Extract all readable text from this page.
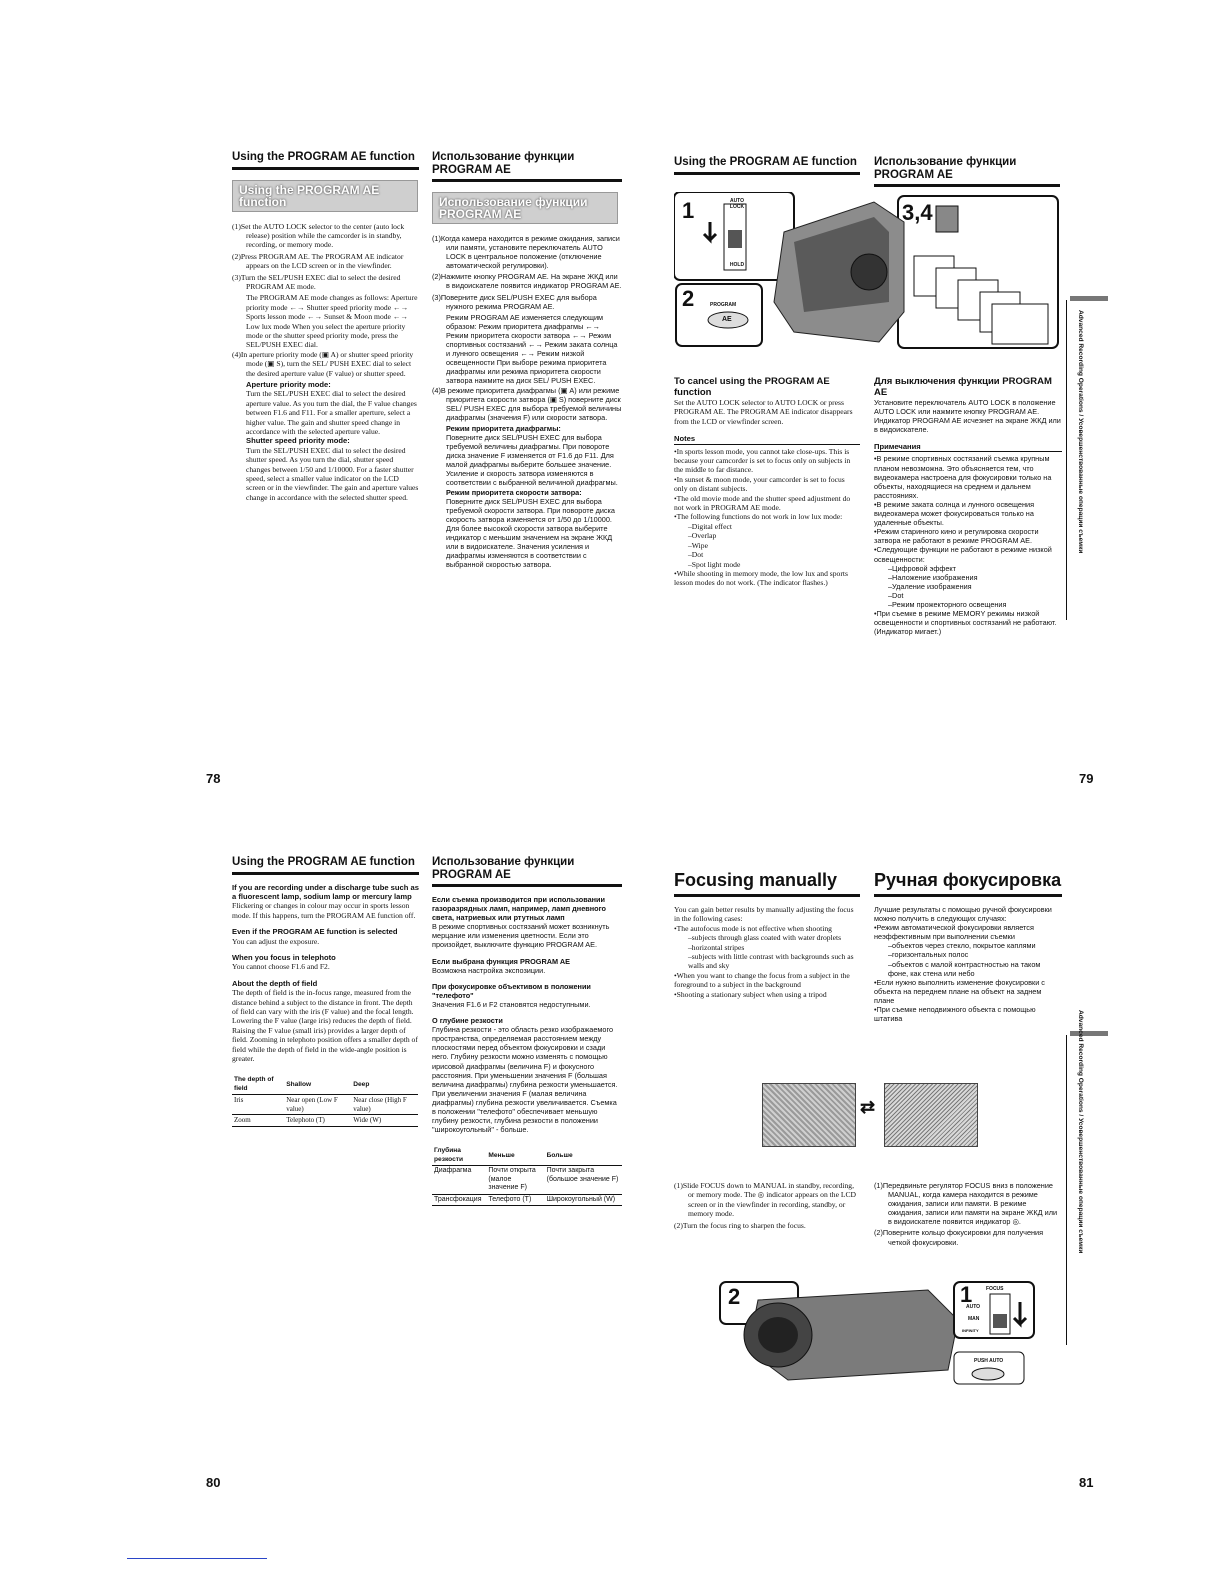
Using the PROGRAM AE function
Using the PROGRAM AE function
(1)Set the AUTO LOCK selector to the center (auto lock release) position while the camcorder is in standby, recording, or memory mode.
(2)Press PROGRAM AE. The PROGRAM AE indicator appears on the LCD screen or in the viewfinder.
(3)Turn the SEL/PUSH EXEC dial to select the desired PROGRAM AE mode.
The PROGRAM AE mode changes as follows: Aperture priority mode ←→ Shutter speed priority mode ←→ Sports lesson mode ←→ Sunset & Moon mode ←→ Low lux mode When you select the aperture priority mode or the shutter speed priority mode, press the SEL/PUSH EXEC dial.
(4)In aperture priority mode (▣ A) or shutter speed priority mode (▣ S), turn the SEL/ PUSH EXEC dial to select the desired aperture value (F value) or shutter speed.
Aperture priority mode:
Turn the SEL/PUSH EXEC dial to select the desired aperture value. As you turn the dial, the F value changes between F1.6 and F11. For a smaller aperture, select a higher value. The gain and shutter speed change in accordance with the selected aperture value.
Shutter speed priority mode:
Turn the SEL/PUSH EXEC dial to select the desired shutter speed. As you turn the dial, shutter speed changes between 1/50 and 1/10000. For a faster shutter speed, select a smaller value indicator on the LCD screen or in the viewfinder. The gain and aperture values change in accordance with the selected shutter speed.
Использование функции PROGRAM AE
Использование функции PROGRAM AE
(1)Когда камера находится в режиме ожидания, записи или памяти, установите переключатель AUTO LOCK в центральное положение (отключение автоматической регулировки).
(2)Нажмите кнопку PROGRAM AE. На экране ЖКД или в видоискателе появится индикатор PROGRAM AE.
(3)Поверните диск SEL/PUSH EXEC для выбора нужного режима PROGRAM AE.
Режим PROGRAM AE изменяется следующим образом: Режим приоритета диафрагмы ←→ Режим приоритета скорости затвора ←→ Режим спортивных состязаний ←→ Режим заката солнца и лунного освещения ←→ Режим низкой освещенности При выборе режима приоритета диафрагмы или режима приоритета скорости затвора нажмите на диск SEL/ PUSH EXEC.
(4)В режиме приоритета диафрагмы (▣ A) или режиме приоритета скорости затвора (▣ S) поверните диск SEL/ PUSH EXEC для выбора требуемой величины диафрагмы (значения F) или скорости затвора.
Режим приоритета диафрагмы:
Поверните диск SEL/PUSH EXEC для выбора требуемой величины диафрагмы. При повороте диска значение F изменяется от F1.6 до F11. Для малой диафрагмы выберите большее значение. Усиление и скорость затвора изменяются в соответствии с выбранной величиной диафрагмы.
Режим приоритета скорости затвора:
Поверните диск SEL/PUSH EXEC для выбора требуемой скорости затвора. При повороте диска скорость затвора изменяется от 1/50 до 1/10000. Для более высокой скорости затвора выберите индикатор с меньшим значением на экране ЖКД или в видоискателе. Значения усиления и диафрагмы изменяются в соответствии с выбранной скоростью затвора.
78
Using the PROGRAM AE function Использование функции PROGRAM AE
1
2
3,4
AUTO LOCK
HOLD
PROGRAM
AE
To cancel using the PROGRAM AE function
Set the AUTO LOCK selector to AUTO LOCK or press PROGRAM AE. The PROGRAM AE indicator disappears from the LCD or viewfinder screen.
Notes
•In sports lesson mode, you cannot take close-ups. This is because your camcorder is set to focus only on subjects in the middle to far distance.
•In sunset & moon mode, your camcorder is set to focus only on distant subjects.
•The old movie mode and the shutter speed adjustment do not work in PROGRAM AE mode.
•The following functions do not work in low lux mode:
–Digital effect
–Overlap
–Wipe
–Dot
–Spot light mode
•While shooting in memory mode, the low lux and sports lesson modes do not work. (The indicator flashes.)
Для выключения функции PROGRAM AE
Установите переключатель AUTO LOCK в положение AUTO LOCK или нажмите кнопку PROGRAM AE. Индикатор PROGRAM AE исчезнет на экране ЖКД или в видоискателе.
Примечания
•В режиме спортивных состязаний съемка крупным планом невозможна. Это объясняется тем, что видеокамера настроена для фокусировки только на объекты, находящиеся на среднем и дальнем расстояниях.
•В режиме заката солнца и лунного освещения видеокамера может фокусироваться только на удаленные объекты.
•Режим старинного кино и регулировка скорости затвора не работают в режиме PROGRAM AE.
•Следующие функции не работают в режиме низкой освещенности:
–Цифровой эффект
–Наложение изображения
–Удаление изображения
–Dot
–Режим прожекторного освещения
•При съемке в режиме MEMORY режимы низкой освещенности и спортивных состязаний не работают. (Индикатор мигает.)
Advanced Recording Operations / Усовершенствованные операции съемки
79
Using the PROGRAM AE function
If you are recording under a discharge tube such as a fluorescent lamp, sodium lamp or mercury lamp
Flickering or changes in colour may occur in sports lesson mode. If this happens, turn the PROGRAM AE function off.
Even if the PROGRAM AE function is selected
You can adjust the exposure.
When you focus in telephoto
You cannot choose F1.6 and F2.
About the depth of field
The depth of field is the in-focus range, measured from the distance behind a subject to the distance in front. The depth of field can vary with the iris (F value) and the focal length. Lowering the F value (large iris) reduces the depth of field. Raising the F value (small iris) provides a larger depth of field. Zooming in telephoto position offers a smaller depth of field while the depth of field in the wide-angle position is greater.
The depth of field	Shallow	Deep
Iris	Near open (Low F value)	Near close (High F value)
Zoom	Telephoto (T)	Wide (W)
Использование функции PROGRAM AE
Если съемка производится при использовании газоразрядных ламп, например, ламп дневного света, натриевых или ртутных ламп
В режиме спортивных состязаний может возникнуть мерцание или изменения цветности. Если это произойдет, выключите функцию PROGRAM AE.
Если выбрана функция PROGRAM AE
Возможна настройка экспозиции.
При фокусировке объективом в положении "телефото"
Значения F1.6 и F2 становятся недоступными.
О глубине резкости
Глубина резкости - это область резко изображаемого пространства, определяемая расстоянием между плоскостями перед объектом фокусировки и сзади него. Глубину резкости можно изменять с помощью ирисовой диафрагмы (величина F) и фокусного расстояния. При уменьшении значения F (большая величина диафрагмы) глубина резкости уменьшается. При увеличении значения F (малая величина диафрагмы) глубина резкости увеличивается. Съемка в положении "телефото" обеспечивает меньшую глубину резкости, глубина резкости в положении "широкоугольный" - больше.
Глубина резкости	Меньше	Больше
Диафрагма	Почти открыта (малое значение F)	Почти закрыта (большое значение F)
Трансфокация	Телефото (T)	Широкоугольный (W)
80
Focusing manually
You can gain better results by manually adjusting the focus in the following cases:
•The autofocus mode is not effective when shooting
–subjects through glass coated with water droplets
–horizontal stripes
–subjects with little contrast with backgrounds such as walls and sky
•When you want to change the focus from a subject in the foreground to a subject in the background
•Shooting a stationary subject when using a tripod
Ручная фокусировка
Лучшие результаты с помощью ручной фокусировки можно получить в следующих случаях:
•Режим автоматической фокусировки является неэффективным при выполнении съемки
–объектов через стекло, покрытое каплями
–горизонтальных полос
–объектов с малой контрастностью на таком фоне, как стена или небо
•Если нужно выполнить изменение фокусировки с объекта на переднем плане на объект на заднем плане
•При съемке неподвижного объекта с помощью штатива
⇄
(1)Slide FOCUS down to MANUAL in standby, recording, or memory mode. The ◎ indicator appears on the LCD screen or in the viewfinder in recording, standby, or memory mode.
(2)Turn the focus ring to sharpen the focus.
(1)Передвиньте регулятор FOCUS вниз в положение MANUAL, когда камера находится в режиме ожидания, записи или памяти. В режиме ожидания, записи или памяти на экране ЖКД или в видоискателе появится индикатор ◎.
(2)Поверните кольцо фокусировки для получения четкой фокусировки.
2	1	FOCUS
AUTO
MAN
INFINITY
PUSH AUTO
Advanced Recording Operations / Усовершенствованные операции съемки
81
